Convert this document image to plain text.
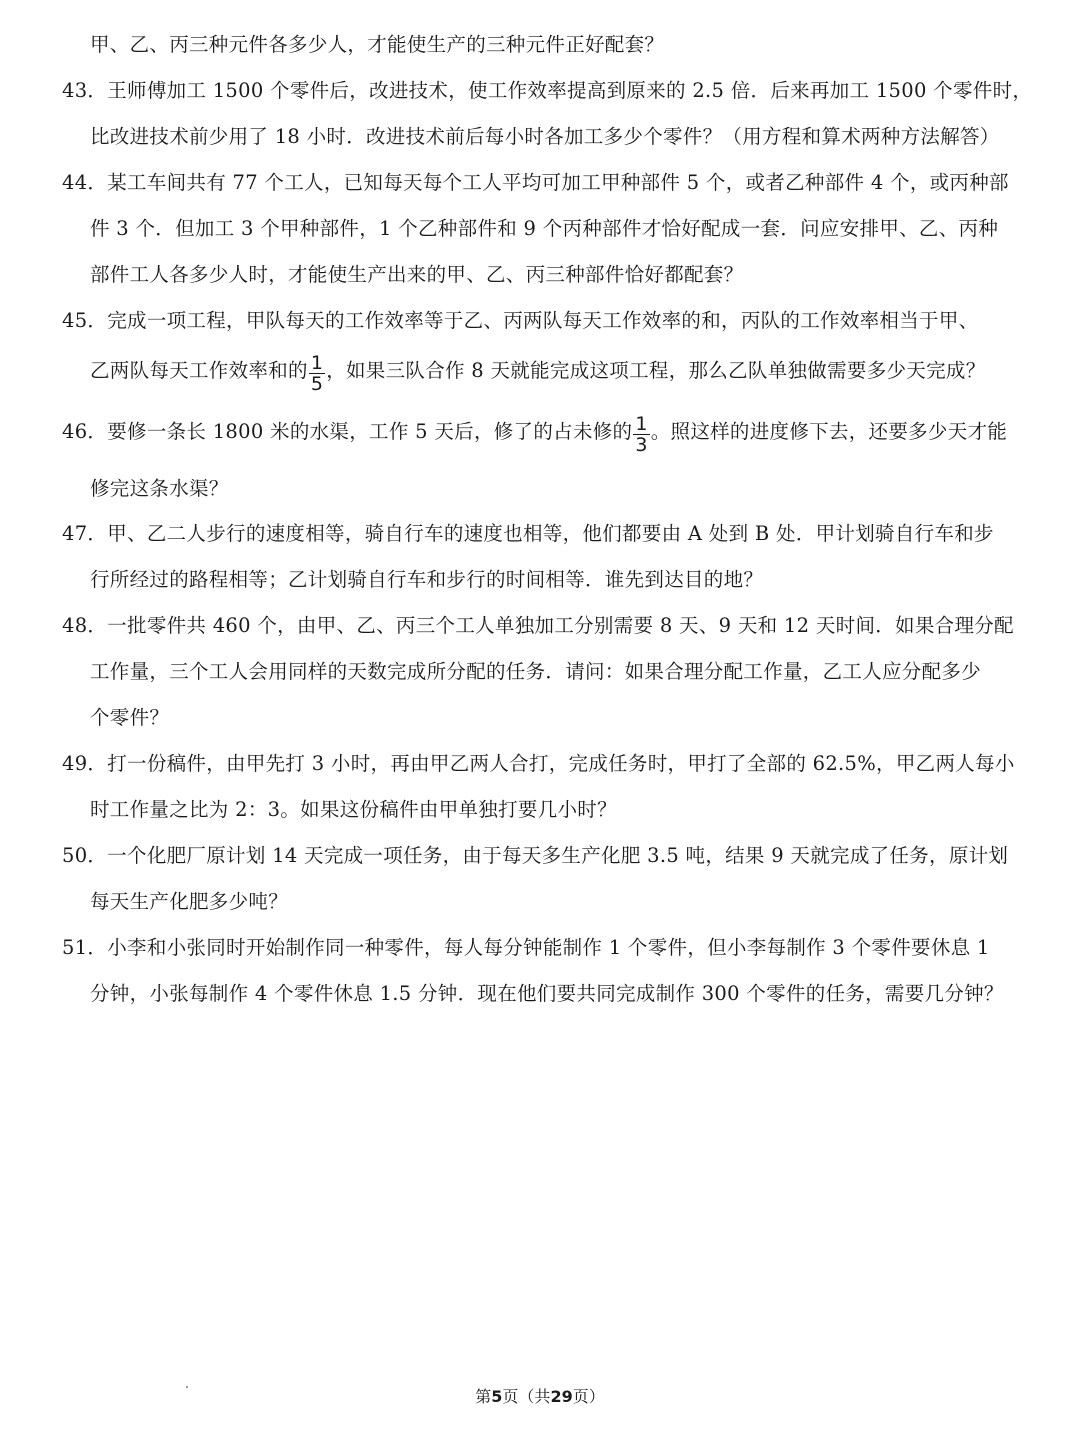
甲、乙、丙三种元件各多少人，才能使生产的三种元件正好配套？
43．王师傅加工 1500 个零件后，改进技术，使工作效率提高到原来的 2.5 倍．后来再加工 1500 个零件时，
比改进技术前少用了 18 小时．改进技术前后每小时各加工多少个零件？（用方程和算术两种方法解答）
44．某工车间共有 77 个工人，已知每天每个工人平均可加工甲种部件 5 个，或者乙种部件 4 个，或丙种部
件 3 个．但加工 3 个甲种部件，1 个乙种部件和 9 个丙种部件才恰好配成一套．问应安排甲、乙、丙种
部件工人各多少人时，才能使生产出来的甲、乙、丙三种部件恰好都配套？
45．完成一项工程，甲队每天的工作效率等于乙、丙两队每天工作效率的和，丙队的工作效率相当于甲、
乙两队每天工作效率和的 $\frac{1}{5}$ ，如果三队合作 8 天就能完成这项工程，那么乙队单独做需要多少天完成？
46．要修一条长 1800 米的水渠，工作 5 天后，修了的占未修的 $\frac{1}{3}$ 。照这样的进度修下去，还要多少天才能
修完这条水渠？
47．甲、乙二人步行的速度相等，骑自行车的速度也相等，他们都要由 A 处到 B 处．甲计划骑自行车和步
行所经过的路程相等；乙计划骑自行车和步行的时间相等．谁先到达目的地？
48．一批零件共 460 个，由甲、乙、丙三个工人单独加工分别需要 8 天、9 天和 12 天时间．如果合理分配
工作量，三个工人会用同样的天数完成所分配的任务．请问：如果合理分配工作量，乙工人应分配多少
个零件？
49．打一份稿件，由甲先打 3 小时，再由甲乙两人合打，完成任务时，甲打了全部的 62.5%，甲乙两人每小
时工作量之比为 2：3。如果这份稿件由甲单独打要几小时？
50．一个化肥厂原计划 14 天完成一项任务，由于每天多生产化肥 3.5 吨，结果 9 天就完成了任务，原计划
每天生产化肥多少吨？
51．小李和小张同时开始制作同一种零件，每人每分钟能制作 1 个零件，但小李每制作 3 个零件要休息 1
分钟，小张每制作 4 个零件休息 1.5 分钟．现在他们要共同完成制作 300 个零件的任务，需要几分钟？
第5页（共29页）
